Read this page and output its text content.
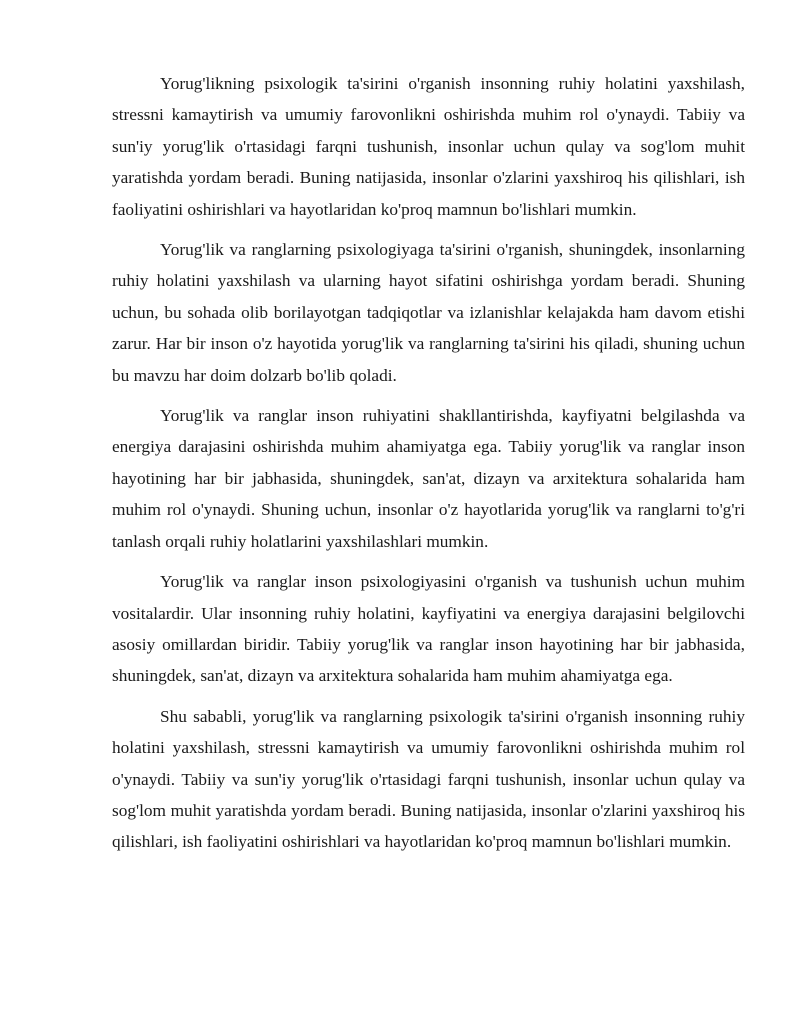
Yorug'likning psixologik ta'sirini o'rganish insonning ruhiy holatini yaxshilash, stressni kamaytirish va umumiy farovonlikni oshirishda muhim rol o'ynaydi. Tabiiy va sun'iy yorug'lik o'rtasidagi farqni tushunish, insonlar uchun qulay va sog'lom muhit yaratishda yordam beradi. Buning natijasida, insonlar o'zlarini yaxshiroq his qilishlari, ish faoliyatini oshirishlari va hayotlaridan ko'proq mamnun bo'lishlari mumkin.

Yorug'lik va ranglarning psixologiyaga ta'sirini o'rganish, shuningdek, insonlarning ruhiy holatini yaxshilash va ularning hayot sifatini oshirishga yordam beradi. Shuning uchun, bu sohada olib borilayotgan tadqiqotlar va izlanishlar kelajakda ham davom etishi zarur. Har bir inson o'z hayotida yorug'lik va ranglarning ta'sirini his qiladi, shuning uchun bu mavzu har doim dolzarb bo'lib qoladi.

Yorug'lik va ranglar inson ruhiyatini shakllantirishda, kayfiyatni belgilashda va energiya darajasini oshirishda muhim ahamiyatga ega. Tabiiy yorug'lik va ranglar inson hayotining har bir jabhasida, shuningdek, san'at, dizayn va arxitektura sohalarida ham muhim rol o'ynaydi. Shuning uchun, insonlar o'z hayotlarida yorug'lik va ranglarni to'g'ri tanlash orqali ruhiy holatlarini yaxshilashlari mumkin.

Yorug'lik va ranglar inson psixologiyasini o'rganish va tushunish uchun muhim vositalardir. Ular insonning ruhiy holatini, kayfiyatini va energiya darajasini belgilovchi asosiy omillardan biridir. Tabiiy yorug'lik va ranglar inson hayotining har bir jabhasida, shuningdek, san'at, dizayn va arxitektura sohalarida ham muhim ahamiyatga ega.

Shu sababli, yorug'lik va ranglarning psixologik ta'sirini o'rganish insonning ruhiy holatini yaxshilash, stressni kamaytirish va umumiy farovonlikni oshirishda muhim rol o'ynaydi. Tabiiy va sun'iy yorug'lik o'rtasidagi farqni tushunish, insonlar uchun qulay va sog'lom muhit yaratishda yordam beradi. Buning natijasida, insonlar o'zlarini yaxshiroq his qilishlari, ish faoliyatini oshirishlari va hayotlaridan ko'proq mamnun bo'lishlari mumkin.
